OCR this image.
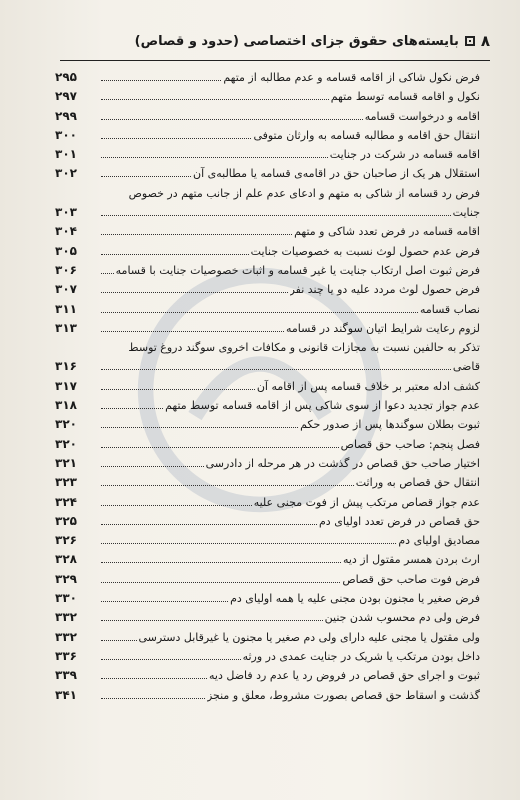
۸
بایسته‌های حقوق جزای اختصاصی (حدود و قصاص)
فرض نکول شاکی از اقامه قسامه و عدم مطالبه از متهم
۲۹۵
نکول و اقامه قسامه توسط متهم
۲۹۷
اقامه و درخواست قسامه
۲۹۹
انتقال حق اقامه و مطالبه قسامه به وارثان متوفی
۳۰۰
اقامه قسامه در شرکت در جنایت
۳۰۱
استقلال هر یک از صاحبان حق در اقامه‌ی قسامه یا مطالبه‌ی آن
۳۰۲
فرض رد قسامه از شاکی به متهم و ادعای عدم علم از جانب متهم در خصوص
جنایت
۳۰۳
اقامه قسامه در فرض تعدد شاکی و متهم
۳۰۴
فرض عدم حصول لوث نسبت به خصوصیات جنایت
۳۰۵
فرض ثبوت اصل ارتکاب جنایت یا غیر قسامه و اثبات خصوصیات جنایت با قسامه
۳۰۶
فرض حصول لوث مردد علیه دو یا چند نفر
۳۰۷
نصاب قسامه
۳۱۱
لزوم رعایت شرایط اتیان سوگند در قسامه
۳۱۳
تذکر به حالفین نسبت به مجازات قانونی و مکافات اخروی سوگند دروغ توسط
قاضی
۳۱۶
کشف ادله معتبر بر خلاف قسامه پس از اقامه آن
۳۱۷
عدم جواز تجدید دعوا از سوی شاکی پس از اقامه قسامه توسط متهم
۳۱۸
ثبوت بطلان سوگندها پس از صدور حکم
۳۲۰
فصل پنجم: صاحب حق قصاص
۳۲۰
اختیار صاحب حق قصاص در گذشت در هر مرحله از دادرسی
۳۲۱
انتقال حق قصاص به وراثت
۳۲۳
عدم جواز قصاص مرتکب پیش از فوت مجنی علیه
۳۲۴
حق قصاص در فرض تعدد اولیای دم
۳۲۵
مصادیق اولیای دم
۳۲۶
ارث بردن همسر مقتول از دیه
۳۲۸
فرض فوت صاحب حق قصاص
۳۲۹
فرض صغیر یا مجنون بودن مجنی علیه یا همه اولیای دم
۳۳۰
فرض ولی دم محسوب شدن جنین
۳۳۲
ولی مقتول یا مجنی علیه دارای ولی دم صغیر یا مجنون یا غیرقابل دسترسی
۳۳۲
داخل بودن مرتکب یا شریک در جنایت عمدی در ورثه
۳۳۶
ثبوت و اجرای حق قصاص در فروض رد یا عدم رد فاضل دیه
۳۳۹
گذشت و اسقاط حق قصاص بصورت مشروط، معلق و منجز
۳۴۱
